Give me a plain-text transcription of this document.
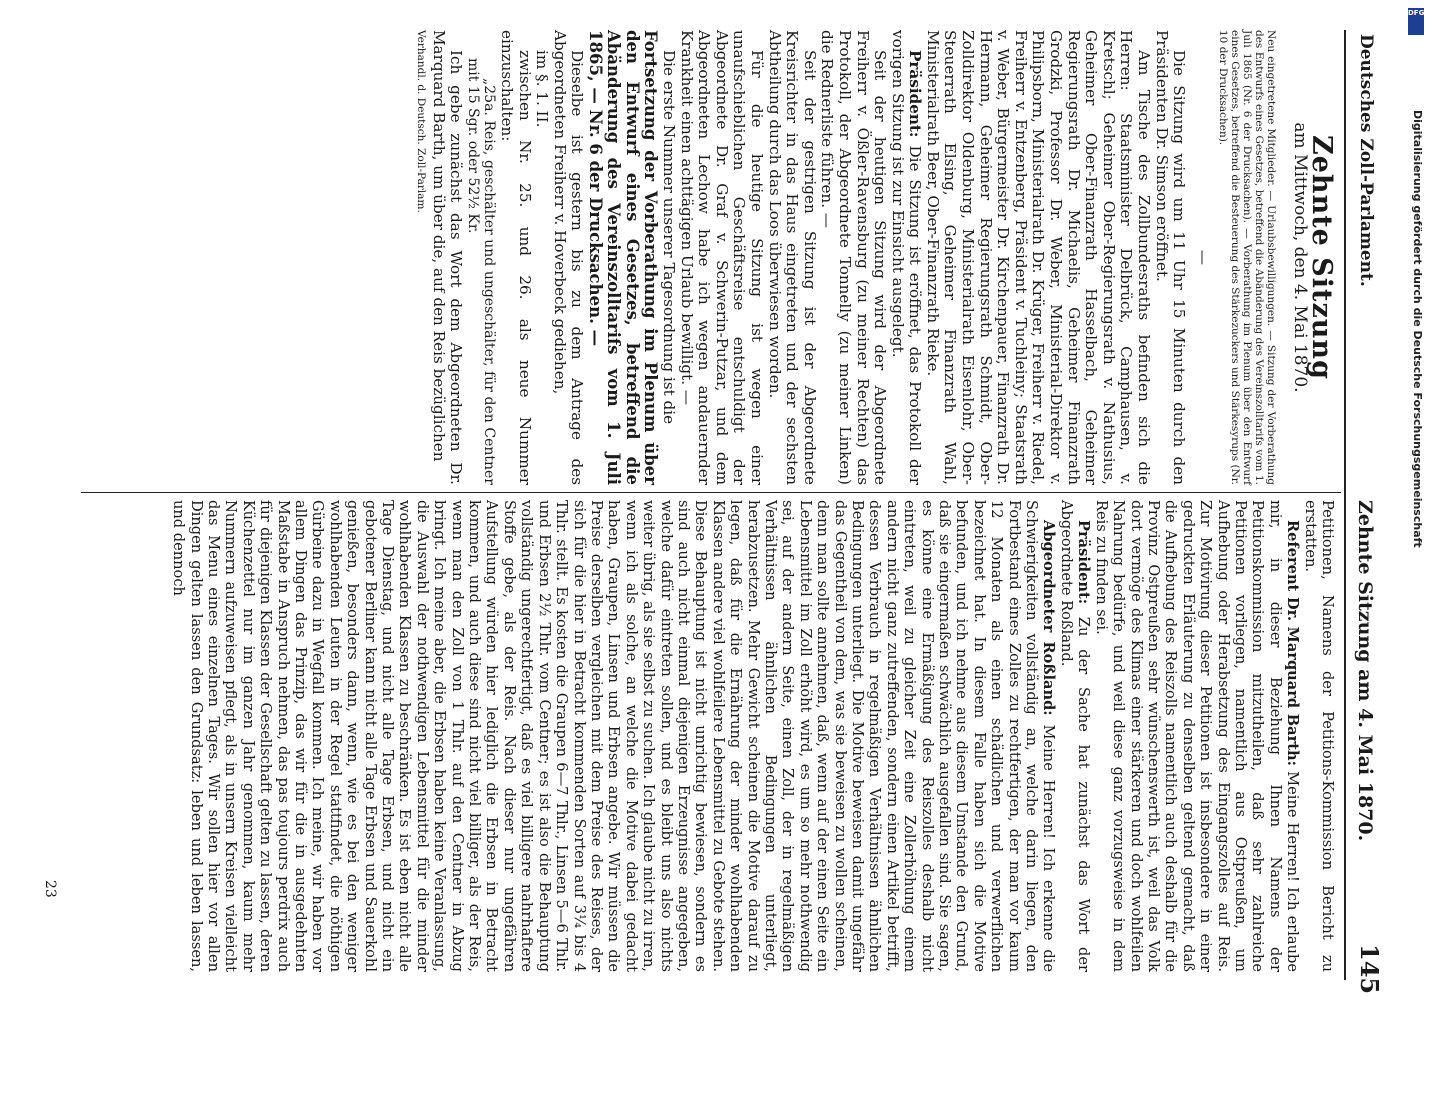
Deutsches Zoll-Parlament.
Zehnte Sitzung am 4. Mai 1870.
145
Zehnte Sitzung
am Mittwoch, den 4. Mai 1870.

Neu eingetretene Mitglieder. — Urlaubsbewilligungen. — Sitzung der Vorberathung des Entwurfs eines Gesetzes, betreffend die Abänderung des Vereinszolltarifs vom 1. Juli 1865 (Nr. 6 der Drucksachen). — Vorberathung im Plenum über den Entwurf eines Gesetzes, betreffend die Besteuerung des Stärkezuckers und Stärkesyrups (Nr. 10 der Drucksachen).

—

Die Sitzung wird um 11 Uhr 15 Minuten durch den Präsidenten Dr. Simson eröffnet.

Am Tische des Zollbundesraths befinden sich die Herren: Staatsminister Delbrück, Camphausen, v. Kretschl; Geheimer Ober-Regierungsrath v. Nathusius, Geheimer Ober-Finanzrath Hasselbach, Geheimer Regierungsrath Dr. Michaelis, Geheimer Finanzrath Grodzki, Professor Dr. Weber, Ministerial-Direktor v. Philipsborn, Ministerialrath Dr. Krüger, Freiherr v. Riedel, Freiherr v. Entzenberg, Präsident v. Tuchleiny; Staatsrath v. Weber, Bürgermeister Dr. Kirchenpauer, Finanzrath Dr. Hermann, Geheimer Regierungsrath Schmidt, Ober-Zolldirektor Oldenburg, Ministerialrath Eisenlohr, Ober-Steuerrath Elsing, Geheimer Finanzrath Wahl, Ministerialrath Beer, Ober-Finanzrath Rieke.

Präsident: Die Sitzung ist eröffnet, das Protokoll der vorigen Sitzung ist zur Einsicht ausgelegt.

Seit der heutigen Sitzung wird der Abgeordnete Freiherr v. Ößler-Ravensburg (zu meiner Rechten) das Protokoll, der Abgeordnete Tonnelly (zu meiner Linken) die Rednerliste führen. —

Seit der gestrigen Sitzung ist der Abgeordnete Kreisrichter in das Haus eingetreten und der sechsten Abtheilung durch das Loos überwiesen worden.

Für die heutige Sitzung ist wegen einer unaufschieblichen Geschäftsreise entschuldigt der Abgeordnete Dr. Graf v. Schwerin-Putzar, und dem Abgeordneten Lechow habe ich wegen andauernder Krankheit einen achttägigen Urlaub bewilligt. —

Die erste Nummer unserer Tagesordnung ist die

Fortsetzung der Vorberathung im Plenum über den Entwurf eines Gesetzes, betreffend die Abänderung des Vereinszolltarifs vom 1. Juli 1865, — Nr. 6 der Drucksachen. —

Dieselbe ist gestern bis zu dem Antrage des Abgeordneten Freiherr v. Hoverbeck gediehen,

im §. 1. II.

zwischen Nr. 25. und 26. als neue Nummer einzuschalten:

„25a. Reis, geschälter und ungeschälter, für den Centner mit 15 Sgr. oder 52½ Kr.

Ich gebe zunächst das Wort dem Abgeordneten Dr. Marquard Barth, um über die, auf den Reis bezüglichen

Verhandl. d. Deutsch. Zoll-Parlam.

Petitionen, Namens der Petitions-Kommission Bericht zu erstatten.

Referent Dr. Marquard Barth: Meine Herren! Ich erlaube mir, in dieser Beziehung Ihnen Namens der Petitionskommission mitzutheilen, daß sehr zahlreiche Petitionen vorliegen, namentlich aus Ostpreußen, um Aufhebung oder Herabsetzung des Eingangszolles auf Reis. Zur Motivirung dieser Petitionen ist insbesondere in einer gedruckten Erläuterung zu denselben geltend gemacht, daß die Aufhebung des Reiszolls namentlich auch deshalb für die Provinz Ostpreußen sehr wünschenswerth ist, weil das Volk dort vermöge des Klimas einer stärkeren und doch wohlfeilen Nahrung bedürfe, und weil diese ganz vorzugsweise in dem Reis zu finden sei.

Präsident: Zu der Sache hat zunächst das Wort der Abgeordnete Roßland.

Abgeordneter Roßland: Meine Herren! Ich erkenne die Schwierigkeiten vollständig an, welche darin liegen, den Fortbestand eines Zolles zu rechtfertigen, der man vor kaum 12 Monaten als einen schädlichen und verwerflichen bezeichnet hat. In diesem Falle haben sich die Motive befunden, und ich nehme aus diesem Umstande den Grund, daß sie eingermaßen schwächlich ausgefallen sind. Sie sagen, es könne eine Ermäßigung des Reiszolles deshalb nicht eintreten, weil zu gleicher Zeit eine Zollerhöhung einem andern nicht ganz zutreffenden, sondern einen Artikel betrifft, dessen Verbrauch in regelmäßigen Verhältnissen ähnlichen Bedingungen unterliegt. Die Motive beweisen damit ungefähr das Gegentheil von dem, was sie beweisen zu wollen scheinen, denn man sollte annehmen, daß, wenn auf der einen Seite ein Lebensmittel im Zoll erhöht wird, es um so mehr nothwendig sei, auf der andern Seite, einen Zoll, der in regelmäßigen Verhältnissen ähnlichen Bedingungen unterliegt, herabzusetzen. Mehr Gewicht scheinen die Motive darauf zu legen, daß für die Ernährung der minder wohlhabenden Klassen andere viel wohlfeilere Lebensmittel zu Gebote stehen. Diese Behauptung ist nicht unrichtig bewiesen, sondern es sind auch nicht einmal diejenigen Erzeugnisse angegeben, welche dafür eintreten sollen, und es bleibt uns also nichts weiter übrig, als sie selbst zu suchen. Ich glaube nicht zu irren, wenn ich als solche, an welche die Motive dabei gedacht haben, Graupen, Linsen und Erbsen angebe. Wir müssen die Preise derselben vergleichen mit dem Preise des Reises, der sich für die hier in Betracht kommenden Sorten auf 3¼ bis 4 Thlr. stellt. Es kosten die Graupen 6—7 Thlr., Linsen 5—6 Thlr. und Erbsen 2½ Thlr. vom Centner; es ist also die Behauptung vollständig ungerechtfertigt, daß es viel billigere nahrhaftere Stoffe gebe, als der Reis. Nach dieser nur ungefähren Aufstellung würden hier lediglich die Erbsen in Betracht kommen, und auch diese sind nicht viel billiger, als der Reis, wenn man den Zoll von 1 Thlr. auf den Centner in Abzug bringt. Ich meine aber, die Erbsen haben keine Veranlassung, die Auswahl der nothwendigen Lebensmittel für die minder wohlhabenden Klassen zu beschränken. Es ist eben nicht alle Tage Dienstag, und nicht alle Tage Erbsen, und nicht ein gebotener Berliner kann nicht alle Tage Erbsen und Sauerkohl genießen, besonders dann, wenn, wie es bei den weniger wohlhabenden Leuten in der Regel stattfindet, die nöthigen Gürbeine dazu in Wegfall kommen. Ich meine, wir haben vor allem Dingen das Prinzip, das wir für die in ausgedehnten Maßstabe in Anspruch nehmen, das pas toujours perdrix auch für diejenigen Klassen der Gesellschaft gelten zu lassen, deren Küchenzettel nur im ganzen Jahr genommen, kaum mehr Nummern aufzuweisen pflegt, als in unsern Kreisen vielleicht das Menu eines einzelnen Tages. Wir sollen hier vor allen Dingen gelten lassen den Grundsatz: leben und leben lassen, und dennoch

23
DFG
Digitalisierung gefördert durch die Deutsche Forschungsgemeinschaft
